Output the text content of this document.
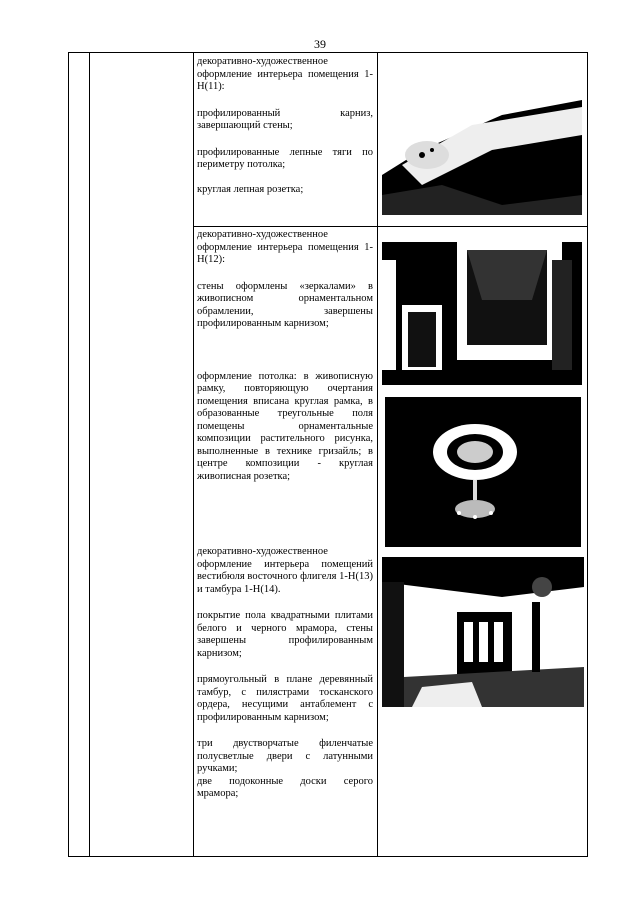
39

декоративно-художественное оформление интерьера помещения 1-Н(11):

профилированный карниз, завершающий стены;

профилированные лепные тяги по периметру потолка;

круглая лепная розетка;

декоративно-художественное оформление интерьера помещения 1-Н(12):

стены оформлены «зеркалами» в живописном орнаментальном обрамлении, завершены профилированным карнизом;

оформление потолка: в живописную рамку, повторяющую очертания помещения вписана круглая рамка, в образованные треугольные поля помещены орнаментальные композиции растительного рисунка, выполненные в технике гризайль; в центре композиции - круглая живописная розетка;

декоративно-художественное оформление интерьера помещений вестибюля восточного флигеля 1-Н(13) и тамбура 1-Н(14).

покрытие пола квадратными плитами белого и черного мрамора, стены завершены профилированным карнизом;

прямоугольный в плане деревянный тамбур, с пилястрами тосканского ордера, несущими антаблемент с профилированным карнизом;

три двустворчатые филенчатые полусветлые двери с латунными ручками;

две подоконные доски серого мрамора;
